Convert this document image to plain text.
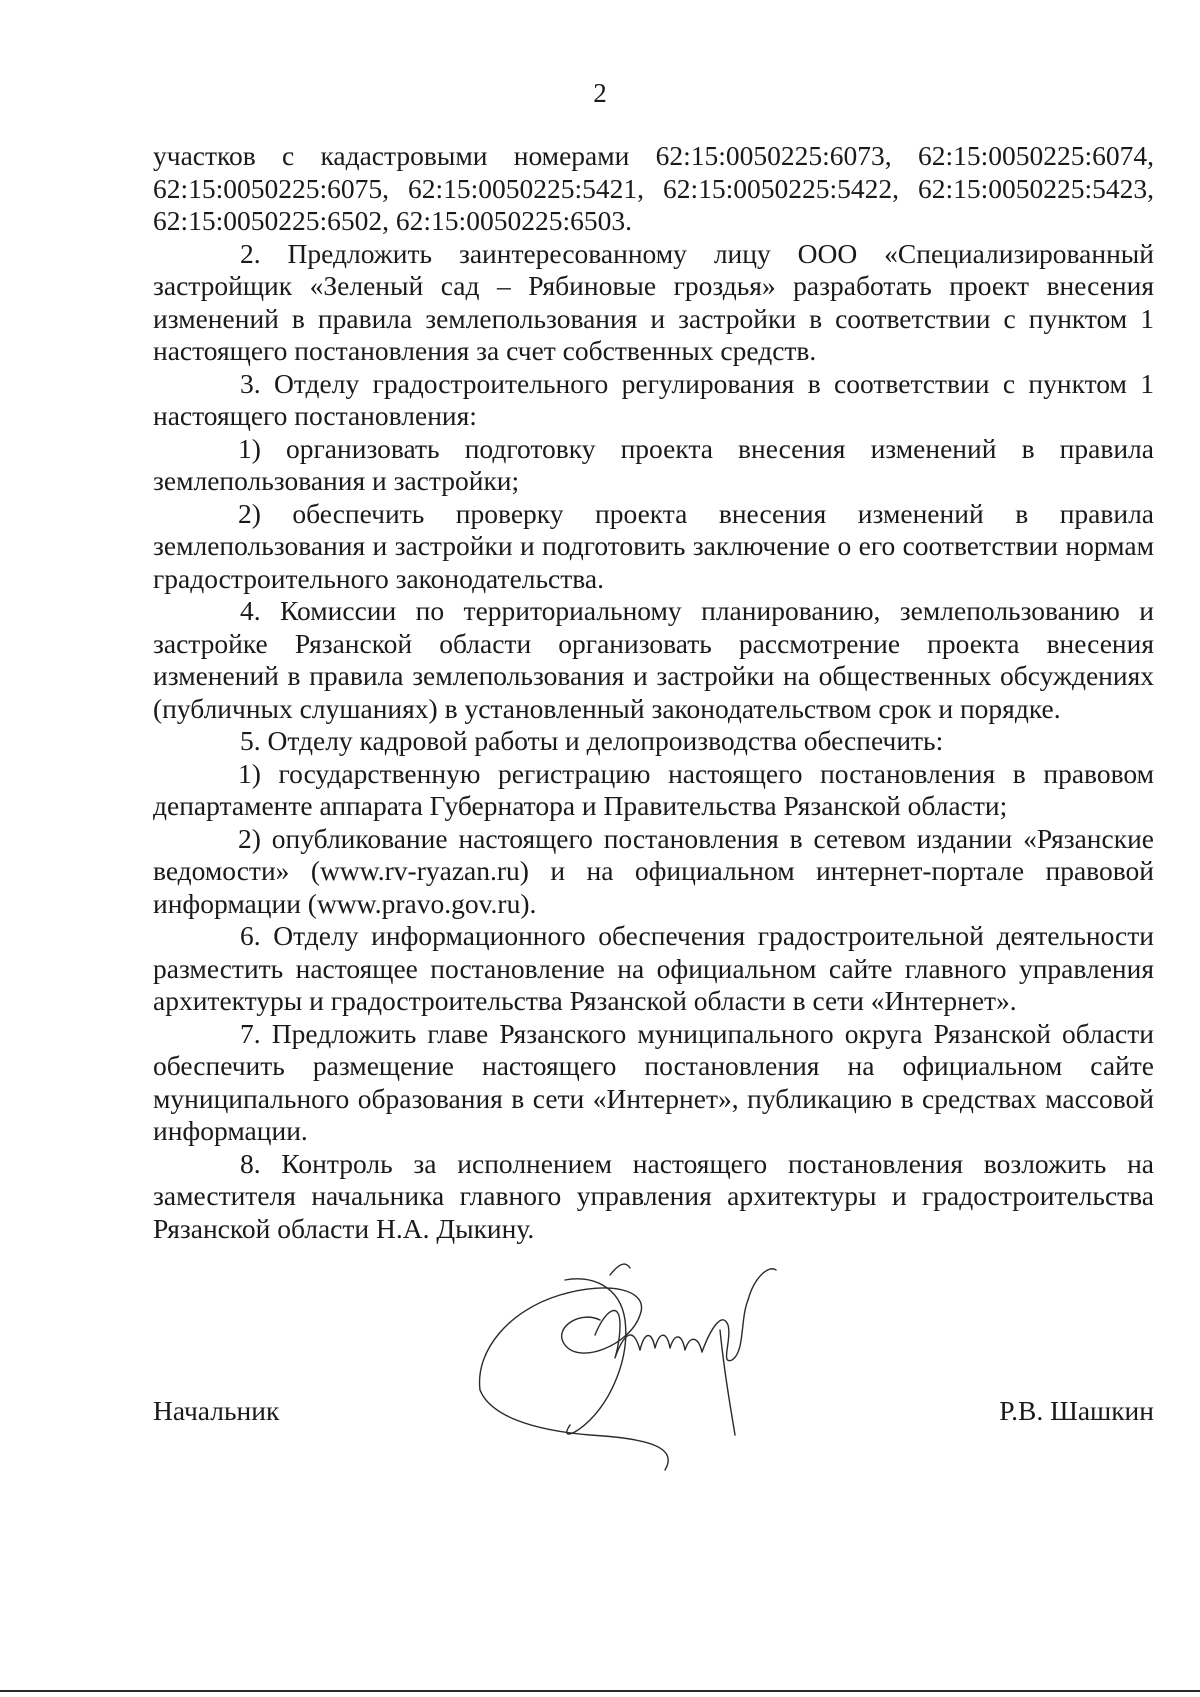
2

участков с кадастровыми номерами 62:15:0050225:6073, 62:15:0050225:6074, 62:15:0050225:6075, 62:15:0050225:5421, 62:15:0050225:5422, 62:15:0050225:5423, 62:15:0050225:6502, 62:15:0050225:6503.

2. Предложить заинтересованному лицу ООО «Специализированный застройщик «Зеленый сад – Рябиновые гроздья» разработать проект внесения изменений в правила землепользования и застройки в соответствии с пунктом 1 настоящего постановления за счет собственных средств.

3. Отделу градостроительного регулирования в соответствии с пунктом 1 настоящего постановления:

1) организовать подготовку проекта внесения изменений в правила землепользования и застройки;

2) обеспечить проверку проекта внесения изменений в правила землепользования и застройки и подготовить заключение о его соответствии нормам градостроительного законодательства.

4. Комиссии по территориальному планированию, землепользованию и застройке Рязанской области организовать рассмотрение проекта внесения изменений в правила землепользования и застройки на общественных обсуждениях (публичных слушаниях) в установленный законодательством срок и порядке.

5. Отделу кадровой работы и делопроизводства обеспечить:

1) государственную регистрацию настоящего постановления в правовом департаменте аппарата Губернатора и Правительства Рязанской области;

2) опубликование настоящего постановления в сетевом издании «Рязанские ведомости» (www.rv-ryazan.ru) и на официальном интернет-портале правовой информации (www.pravo.gov.ru).

6. Отделу информационного обеспечения градостроительной деятельности разместить настоящее постановление на официальном сайте главного управления архитектуры и градостроительства Рязанской области в сети «Интернет».

7. Предложить главе Рязанского муниципального округа Рязанской области обеспечить размещение настоящего постановления на официальном сайте муниципального образования в сети «Интернет», публикацию в средствах массовой информации.

8. Контроль за исполнением настоящего постановления возложить на заместителя начальника главного управления архитектуры и градостроительства Рязанской области Н.А. Дыкину.

Начальник	Р.В. Шашкин
